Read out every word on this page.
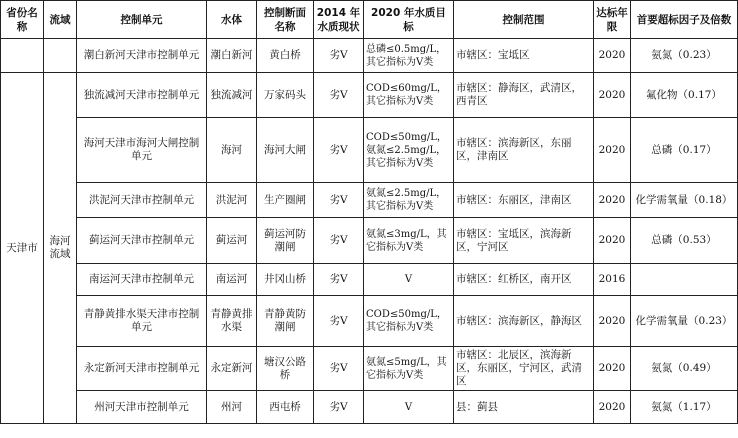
省份名称	流域	控制单元	水体	控制断面名称	2014 年水质现状	2020 年水质目标	控制范围	达标年限	首要超标因子及倍数
		潮白新河天津市控制单元	潮白新河	黄白桥	劣Ⅴ	总磷≤0.5mg/L，其它指标为Ⅴ类	市辖区：宝坻区	2020	氨氮（0.23）
天津市	海河流域	独流减河天津市控制单元	独流减河	万家码头	劣Ⅴ	COD≤60mg/L，其它指标为Ⅴ类	市辖区：静海区，武清区，西青区	2020	氟化物（0.17）
		海河天津市海河大闸控制单元	海河	海河大闸	劣Ⅴ	COD≤50mg/L，氨氮≤2.5mg/L，其它指标为Ⅴ类	市辖区：滨海新区，东丽区，津南区	2020	总磷（0.17）
		洪泥河天津市控制单元	洪泥河	生产圈闸	劣Ⅴ	氨氮≤2.5mg/L，其它指标为Ⅴ类	市辖区：东丽区，津南区	2020	化学需氧量（0.18）
		蓟运河天津市控制单元	蓟运河	蓟运河防潮闸	劣Ⅴ	氨氮≤3mg/L，其它指标为Ⅴ类	市辖区：宝坻区，滨海新区，宁河区	2020	总磷（0.53）
		南运河天津市控制单元	南运河	井冈山桥	劣Ⅴ	Ⅴ	市辖区：红桥区，南开区	2016	
		青静黄排水渠天津市控制单元	青静黄排水渠	青静黄防潮闸	劣Ⅴ	COD≤50mg/L，其它指标为Ⅴ类	市辖区：滨海新区，静海区	2020	化学需氧量（0.23）
		永定新河天津市控制单元	永定新河	塘汉公路桥	劣Ⅴ	氨氮≤5mg/L，其它指标为Ⅴ类	市辖区：北辰区，滨海新区，东丽区，宁河区，武清区	2020	氨氮（0.49）
		州河天津市控制单元	州河	西屯桥	劣Ⅴ	Ⅴ	县：蓟县	2020	氨氮（1.17）
